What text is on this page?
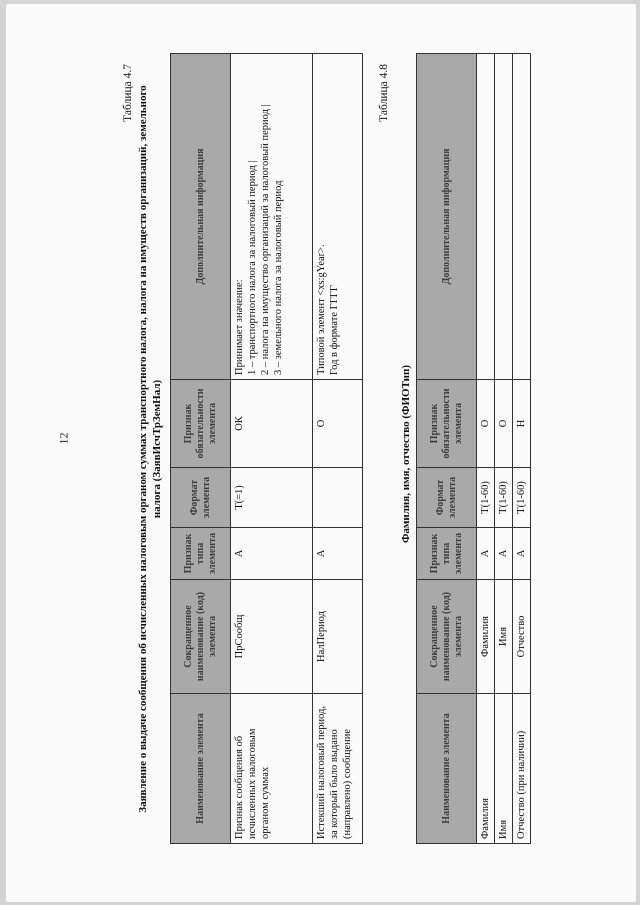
12
Таблица 4.7 Заявление о выдаче сообщения об исчисленных налоговым органом суммах транспортного налога, налога на имуществ организаций, земельного налога (ЗаявИсчТрЗемНал)
Наименование элемента	Сокращенное наименование (код) элемента	Признак типа элемента	Формат элемента	Признак обязательности элемента	Дополнительная информация
Признак сообщения об исчисленных налоговым органом суммах	ПрСообщ	А	Т(=1)	ОК	Принимает значение:
1 – транспортного налога за налоговый период |
2 – налога на имущество организаций за налоговый период |
3 – земельного налога за налоговый период
Истекший налоговый период, за который было выдано (направлено) сообщение	НалПериод	А		О	Типовой элемент <xs:gYear>.
Год в формате ГГГГ
Таблица 4.8
Фамилия, имя, отчество (ФИОТип)
Наименование элемента	Сокращенное наименование (код) элемента	Признак типа элемента	Формат элемента	Признак обязательности элемента	Дополнительная информация
Фамилия	Фамилия	А	T(1-60)	О	
Имя	Имя	А	T(1-60)	О	
Отчество (при наличии)	Отчество	А	T(1-60)	Н	
